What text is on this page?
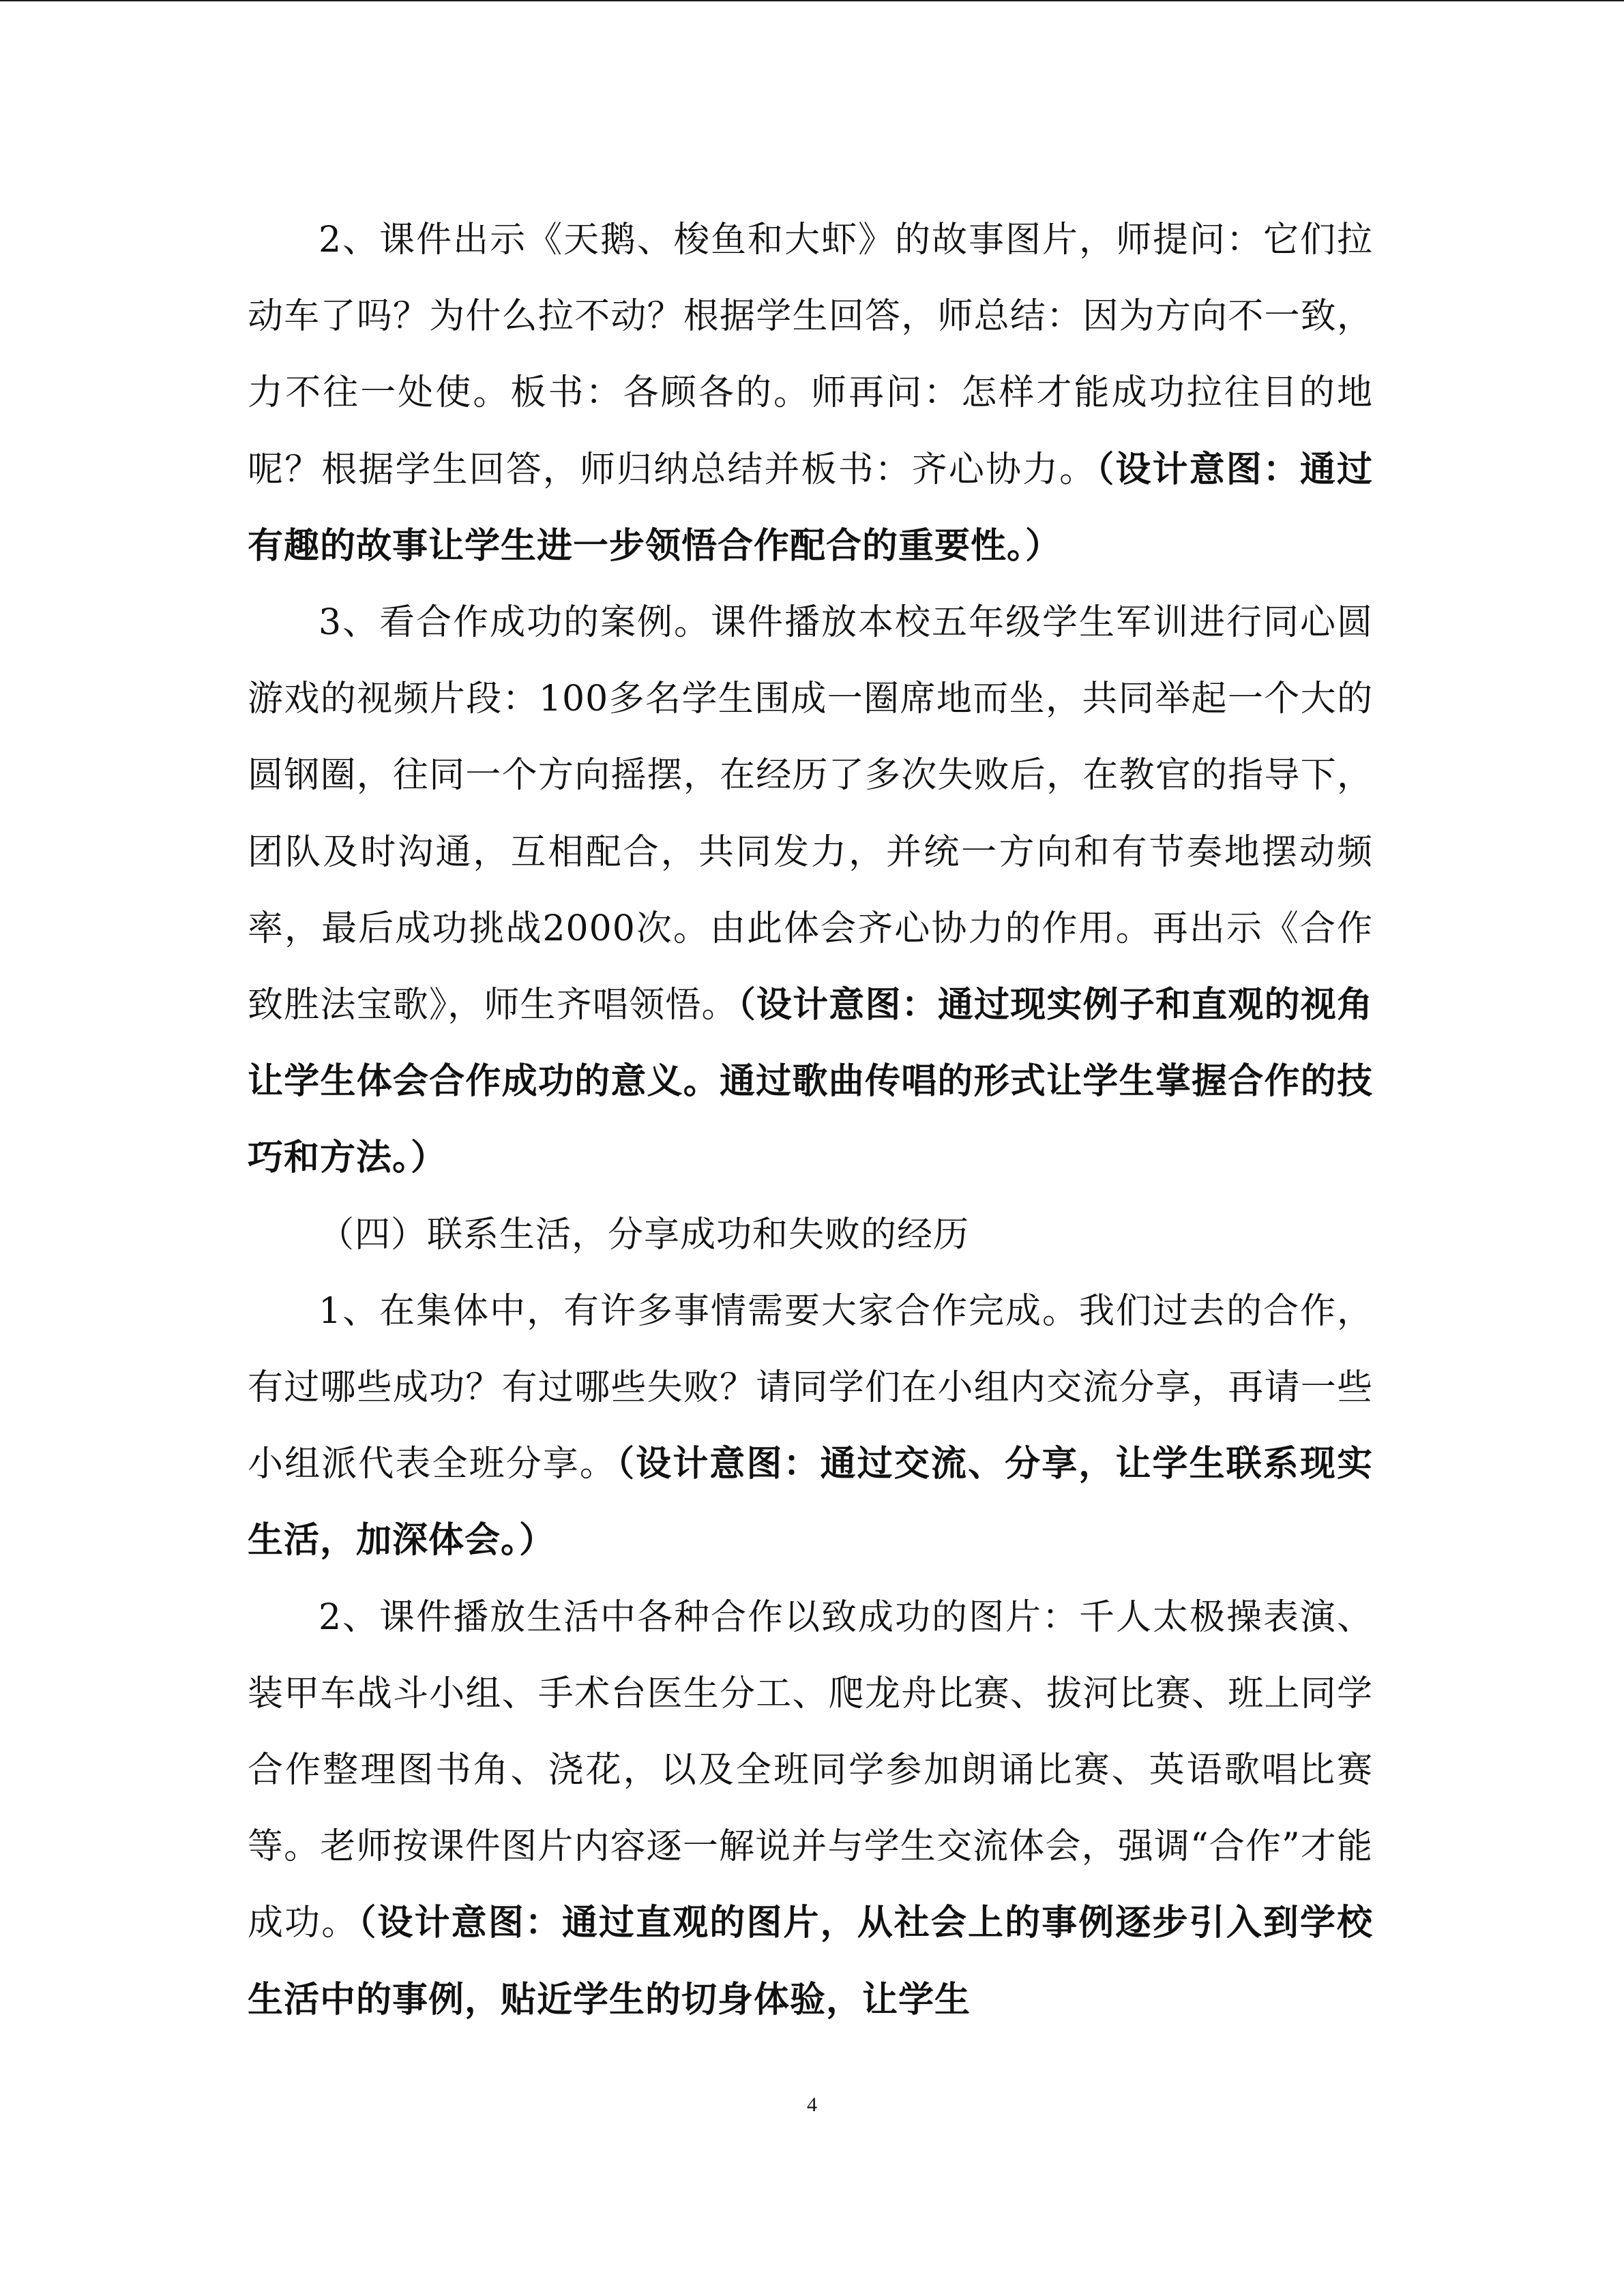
2、课件出示《天鹅、梭鱼和大虾》的故事图片，师提问：它们拉动车了吗？为什么拉不动？根据学生回答，师总结：因为方向不一致，力不往一处使。板书：各顾各的。师再问：怎样才能成功拉往目的地呢？根据学生回答，师归纳总结并板书：齐心协力。（设计意图：通过有趣的故事让学生进一步领悟合作配合的重要性。）

3、看合作成功的案例。课件播放本校五年级学生军训进行同心圆游戏的视频片段：100多名学生围成一圈席地而坐，共同举起一个大的圆钢圈，往同一个方向摇摆，在经历了多次失败后，在教官的指导下，团队及时沟通，互相配合，共同发力，并统一方向和有节奏地摆动频率，最后成功挑战2000次。由此体会齐心协力的作用。再出示《合作致胜法宝歌》，师生齐唱领悟。（设计意图：通过现实例子和直观的视角让学生体会合作成功的意义。通过歌曲传唱的形式让学生掌握合作的技巧和方法。）

（四）联系生活，分享成功和失败的经历

1、在集体中，有许多事情需要大家合作完成。我们过去的合作，有过哪些成功？有过哪些失败？请同学们在小组内交流分享，再请一些小组派代表全班分享。（设计意图：通过交流、分享，让学生联系现实生活，加深体会。）

2、课件播放生活中各种合作以致成功的图片：千人太极操表演、装甲车战斗小组、手术台医生分工、爬龙舟比赛、拔河比赛、班上同学合作整理图书角、浇花，以及全班同学参加朗诵比赛、英语歌唱比赛等。老师按课件图片内容逐一解说并与学生交流体会，强调“合作”才能成功。（设计意图：通过直观的图片，从社会上的事例逐步引入到学校生活中的事例，贴近学生的切身体验，让学生

4
